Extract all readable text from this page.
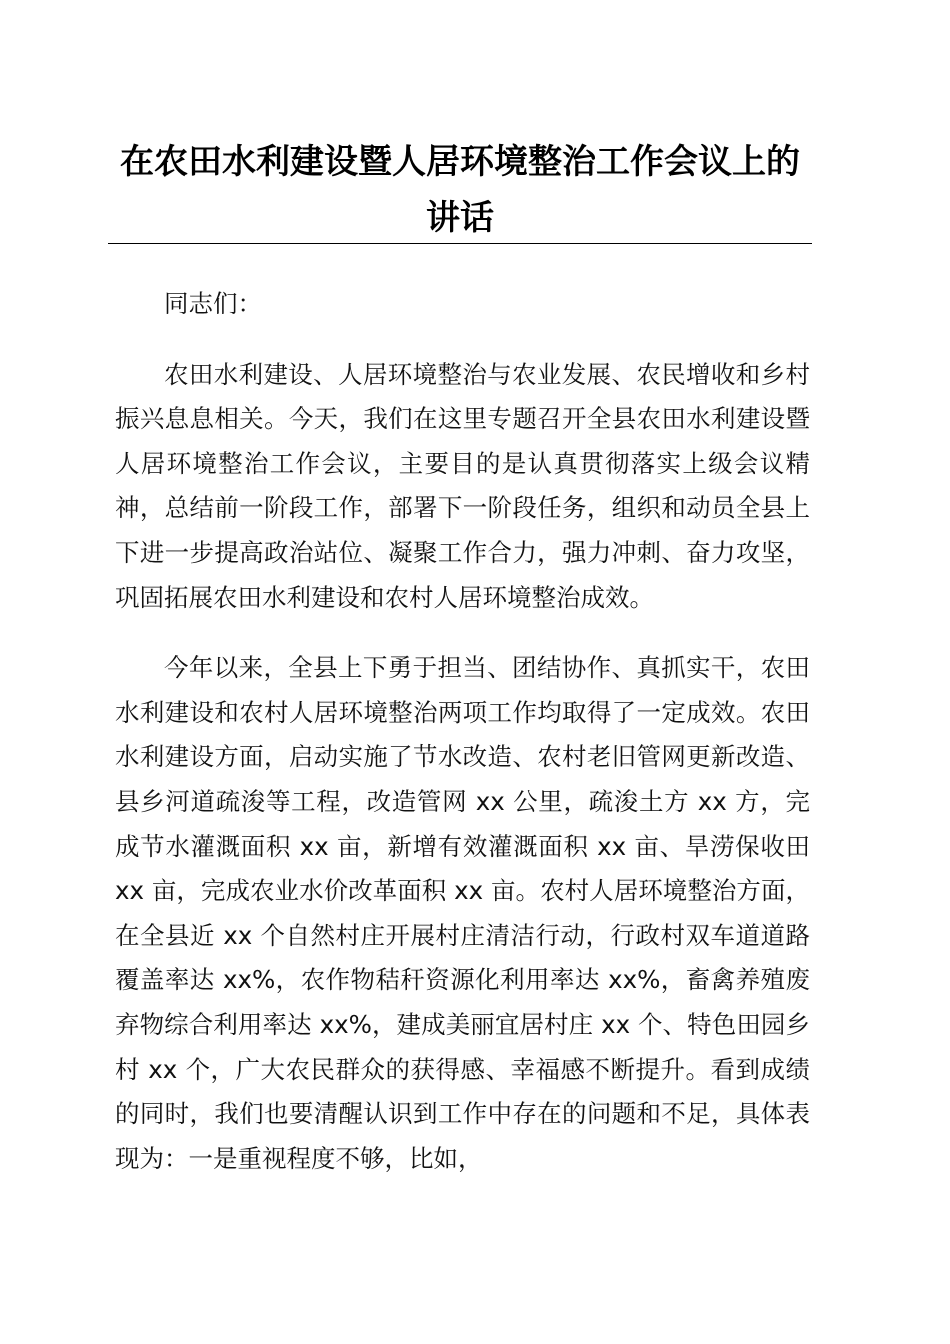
在农田水利建设暨人居环境整治工作会议上的讲话

同志们：

农田水利建设、人居环境整治与农业发展、农民增收和乡村振兴息息相关。今天，我们在这里专题召开全县农田水利建设暨人居环境整治工作会议，主要目的是认真贯彻落实上级会议精神，总结前一阶段工作，部署下一阶段任务，组织和动员全县上下进一步提高政治站位、凝聚工作合力，强力冲刺、奋力攻坚，巩固拓展农田水利建设和农村人居环境整治成效。

今年以来，全县上下勇于担当、团结协作、真抓实干，农田水利建设和农村人居环境整治两项工作均取得了一定成效。农田水利建设方面，启动实施了节水改造、农村老旧管网更新改造、县乡河道疏浚等工程，改造管网 xx 公里，疏浚土方 xx 方，完成节水灌溉面积 xx 亩，新增有效灌溉面积 xx 亩、旱涝保收田 xx 亩，完成农业水价改革面积 xx 亩。农村人居环境整治方面，在全县近 xx 个自然村庄开展村庄清洁行动，行政村双车道道路覆盖率达 xx%，农作物秸秆资源化利用率达 xx%，畜禽养殖废弃物综合利用率达 xx%，建成美丽宜居村庄 xx 个、特色田园乡村 xx 个，广大农民群众的获得感、幸福感不断提升。看到成绩的同时，我们也要清醒认识到工作中存在的问题和不足，具体表现为：一是重视程度不够，比如，
